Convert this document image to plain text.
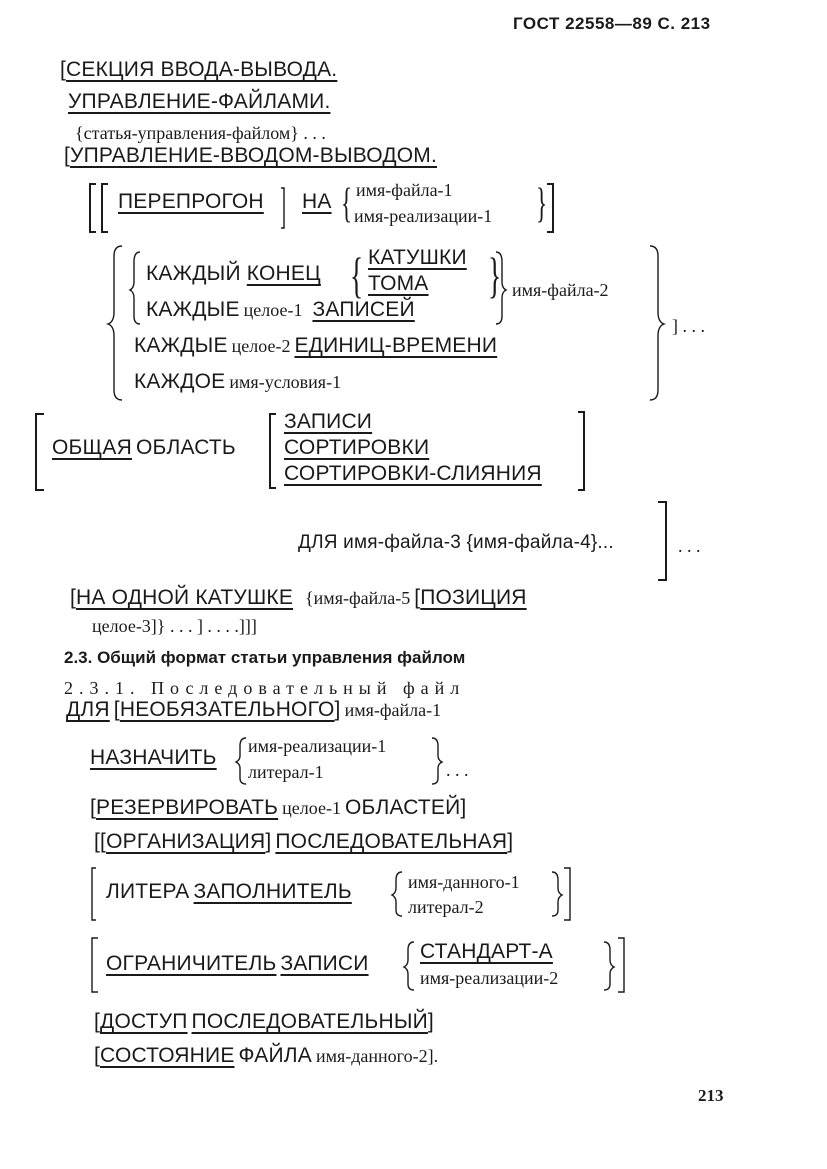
ГОСТ 22558—89 С. 213
[СЕКЦИЯ ВВОДА-ВЫВОДА.
УПРАВЛЕНИЕ-ФАЙЛАМИ.
{статья-управления-файлом} . . .
[УПРАВЛЕНИЕ-ВВОДОМ-ВЫВОДОМ.
ПЕРЕПРОГОН НА { имя-файла-1
имя-реализации-1 }
КАЖДЫЙ КОНЕЦ { КАТУШКИ
ТОМА }
КАЖДЫЕ целое-1 ЗАПИСЕЙ
имя-файла-2
КАЖДЫЕ целое-2 ЕДИНИЦ-ВРЕМЕНИ
КАЖДОЕ имя-условия-1
] . . .
ОБЩАЯ ОБЛАСТЬ
ЗАПИСИ
СОРТИРОВКИ
СОРТИРОВКИ-СЛИЯНИЯ
ДЛЯ имя-файла-3 {имя-файла-4}...	. . .
[НА ОДНОЙ КАТУШКЕ {имя-файла-5 [ПОЗИЦИЯ
целое-3]} . . . ] . . . .]]]
2.3. Общий формат статьи управления файлом
2.3.1. Последовательный файл
ДЛЯ [НЕОБЯЗАТЕЛЬНОГО] имя-файла-1
НАЗНАЧИТЬ имя-реализации-1
литерал-1	. . .
[РЕЗЕРВИРОВАТЬ целое-1 ОБЛАСТЕЙ]
[[ОРГАНИЗАЦИЯ] ПОСЛЕДОВАТЕЛЬНАЯ]
ЛИТЕРА ЗАПОЛНИТЕЛЬ	имя-данного-1
литерал-2
ОГРАНИЧИТЕЛЬ ЗАПИСИ
СТАНДАРТ-А
имя-реализации-2
[ДОСТУП ПОСЛЕДОВАТЕЛЬНЫЙ]
[СОСТОЯНИЕ ФАЙЛА имя-данного-2].
213
